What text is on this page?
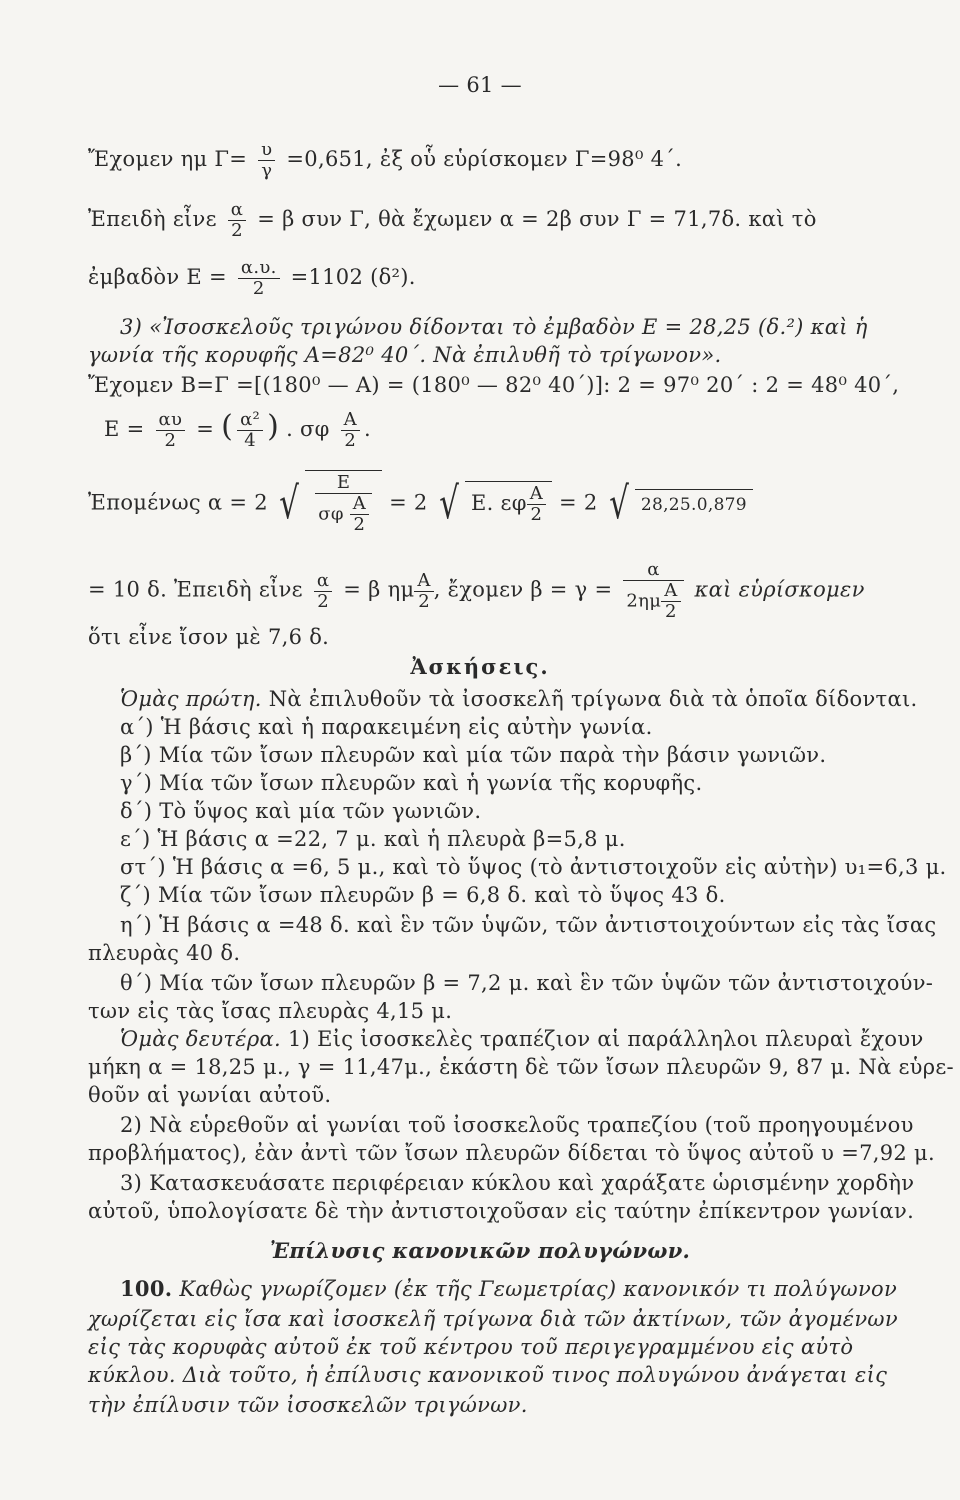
— 61 —
Ἔχομεν ημ $\Gamma= \frac{\upsilon}{\gamma} =0,651$, ἐξ οὗ εὑρίσκομεν Γ=98⁰ 4΄.
Ἐπειδὴ εἶνε $\frac{\alpha}{2} = \beta$ συν Γ, θὰ ἔχωμεν α = 2β συν Γ = 71,7δ. καὶ τὸ
ἐμβαδὸν $E = \frac{\alpha.\upsilon.}{2} =1102$ (δ²).
3) «Ἰσοσκελοῦς τριγώνου δίδονται τὸ ἐμβαδὸν Ε = 28,25 (δ.²) καὶ ἡ
γωνία τῆς κορυφῆς Α=82⁰ 40΄. Νὰ ἐπιλυθῆ τὸ τρίγωνον».
Ἔχομεν Β=Γ =[(180⁰ — Α) = (180⁰ — 82⁰ 40΄)]: 2 = 97⁰ 20΄ : 2 = 48⁰ 40΄,
$E = \frac{\alpha\upsilon}{2}$ = ( $\frac{\text{α²}}{4}$ ) . σφ $\frac{A}{2}$ .
Ἐπομένως α = 2 √ $\frac{E}{\sigma\varphi \frac{A}{2}} = 2$ √ Ε. εφ $\frac{A}{2} = 2$ √ 28,25.0,879
= 10 δ. Ἐπειδὴ εἶνε $\frac{\alpha}{2} = \beta$ ημ $\frac{A}{2}$ , ἔχομεν $\beta = \gamma = \frac{\alpha}{2\eta\mu \frac{A}{2}}$ καὶ εὑρίσκομεν
ὅτι εἶνε ἴσον μὲ 7,6 δ.
Ἀσκήσεις.
Ὁμὰς πρώτη. Νὰ ἐπιλυθοῦν τὰ ἰσοσκελῆ τρίγωνα διὰ τὰ ὁποῖα δίδονται.
α΄) Ἡ βάσις καὶ ἡ παρακειμένη εἰς αὐτὴν γωνία.
β΄) Μία τῶν ἴσων πλευρῶν καὶ μία τῶν παρὰ τὴν βάσιν γωνιῶν.
γ΄) Μία τῶν ἴσων πλευρῶν καὶ ἡ γωνία τῆς κορυφῆς.
δ΄) Τὸ ὕψος καὶ μία τῶν γωνιῶν.
ε΄) Ἡ βάσις α =22, 7 μ. καὶ ἡ πλευρὰ β=5,8 μ.
στ΄) Ἡ βάσις α =6, 5 μ., καὶ τὸ ὕψος (τὸ ἀντιστοιχοῦν εἰς αὐτὴν) υ₁=6,3 μ.
ζ΄) Μία τῶν ἴσων πλευρῶν β = 6,8 δ. καὶ τὸ ὕψος 43 δ.
η΄) Ἡ βάσις α =48 δ. καὶ ἓν τῶν ὑψῶν, τῶν ἀντιστοιχούντων εἰς τὰς ἴσας
πλευρὰς 40 δ.
θ΄) Μία τῶν ἴσων πλευρῶν β = 7,2 μ. καὶ ἓν τῶν ὑψῶν τῶν ἀντιστοιχούν-
των εἰς τὰς ἴσας πλευρὰς 4,15 μ.
Ὁμὰς δευτέρα. 1) Εἰς ἰσοσκελὲς τραπέζιον αἱ παράλληλοι πλευραὶ ἔχουν
μήκη α = 18,25 μ., γ = 11,47μ., ἑκάστη δὲ τῶν ἴσων πλευρῶν 9, 87 μ. Νὰ εὑρε-
θοῦν αἱ γωνίαι αὐτοῦ.
2) Νὰ εὑρεθοῦν αἱ γωνίαι τοῦ ἰσοσκελοῦς τραπεζίου (τοῦ προηγουμένου
προβλήματος), ἐὰν ἀντὶ τῶν ἴσων πλευρῶν δίδεται τὸ ὕψος αὐτοῦ υ =7,92 μ.
3) Κατασκευάσατε περιφέρειαν κύκλου καὶ χαράξατε ὡρισμένην χορδὴν
αὐτοῦ, ὑπολογίσατε δὲ τὴν ἀντιστοιχοῦσαν εἰς ταύτην ἐπίκεντρον γωνίαν.
Ἐπίλυσις κανονικῶν πολυγώνων.
100. Καθὼς γνωρίζομεν (ἐκ τῆς Γεωμετρίας) κανονικόν τι πολύγωνον
χωρίζεται εἰς ἴσα καὶ ἰσοσκελῆ τρίγωνα διὰ τῶν ἀκτίνων, τῶν ἀγομένων
εἰς τὰς κορυφὰς αὐτοῦ ἐκ τοῦ κέντρου τοῦ περιγεγραμμένου εἰς αὐτὸ
κύκλου. Διὰ τοῦτο, ἡ ἐπίλυσις κανονικοῦ τινος πολυγώνου ἀνάγεται εἰς
τὴν ἐπίλυσιν τῶν ἰσοσκελῶν τριγώνων.
